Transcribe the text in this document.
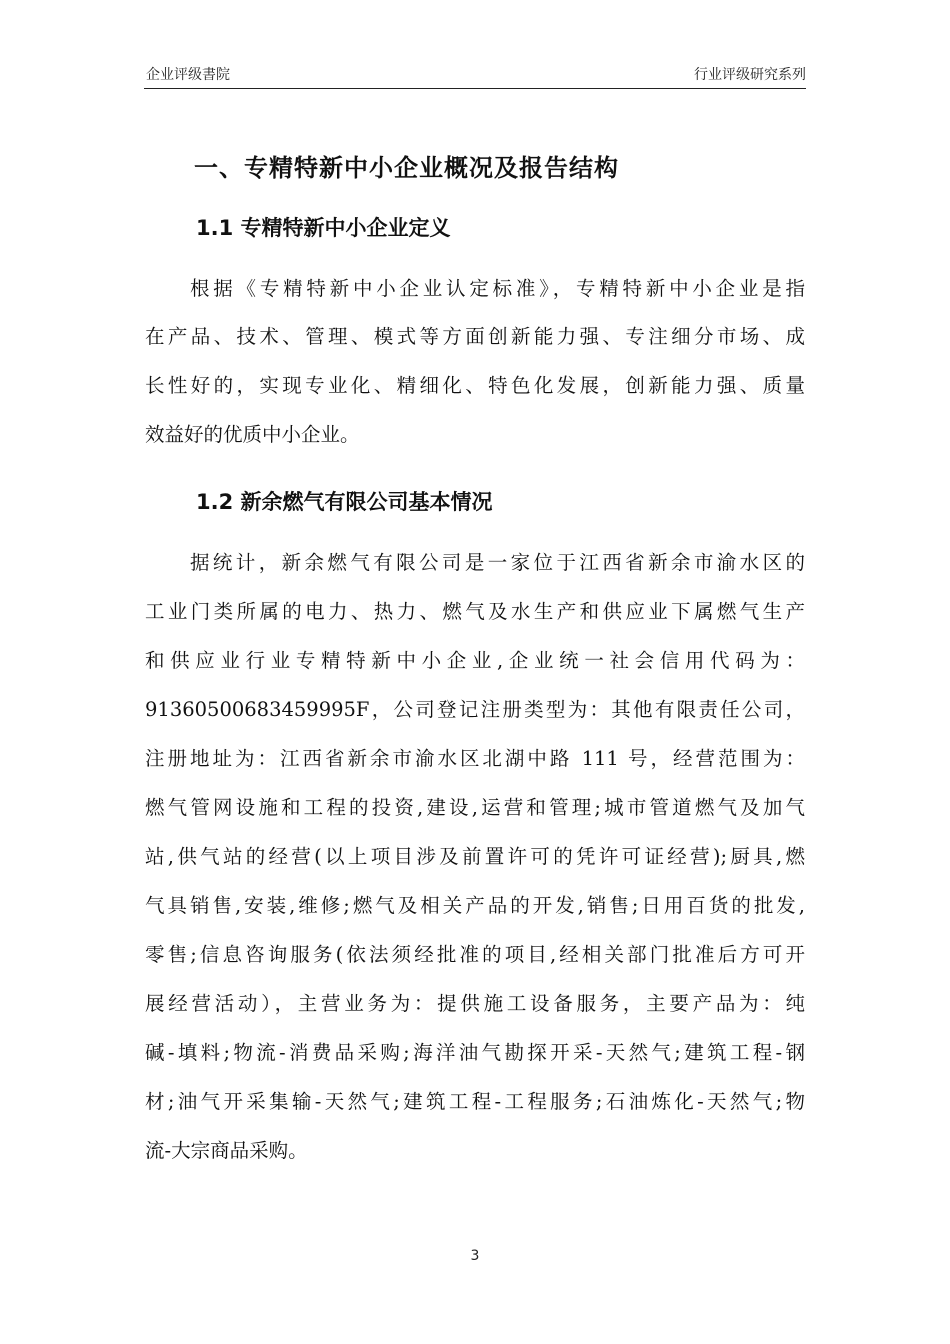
企业评级書院	行业评级研究系列
一、专精特新中小企业概况及报告结构
1.1 专精特新中小企业定义
根据《专精特新中小企业认定标准》，专精特新中小企业是指
在产品、技术、管理、模式等方面创新能力强、专注细分市场、成
长性好的，实现专业化、精细化、特色化发展，创新能力强、质量
效益好的优质中小企业。
1.2 新余燃气有限公司基本情况
据统计，新余燃气有限公司是一家位于江西省新余市渝水区的
工业门类所属的电力、热力、燃气及水生产和供应业下属燃气生产
和供应业行业专精特新中小企业,企业统一社会信用代码为：
91360500683459995F，公司登记注册类型为：其他有限责任公司，
注册地址为：江西省新余市渝水区北湖中路 111 号，经营范围为：
燃气管网设施和工程的投资,建设,运营和管理;城市管道燃气及加气
站,供气站的经营(以上项目涉及前置许可的凭许可证经营);厨具,燃
气具销售,安装,维修;燃气及相关产品的开发,销售;日用百货的批发,
零售;信息咨询服务(依法须经批准的项目,经相关部门批准后方可开
展经营活动），主营业务为：提供施工设备服务，主要产品为：纯
碱-填料;物流-消费品采购;海洋油气勘探开采-天然气;建筑工程-钢
材;油气开采集输-天然气;建筑工程-工程服务;石油炼化-天然气;物
流-大宗商品采购。
3
